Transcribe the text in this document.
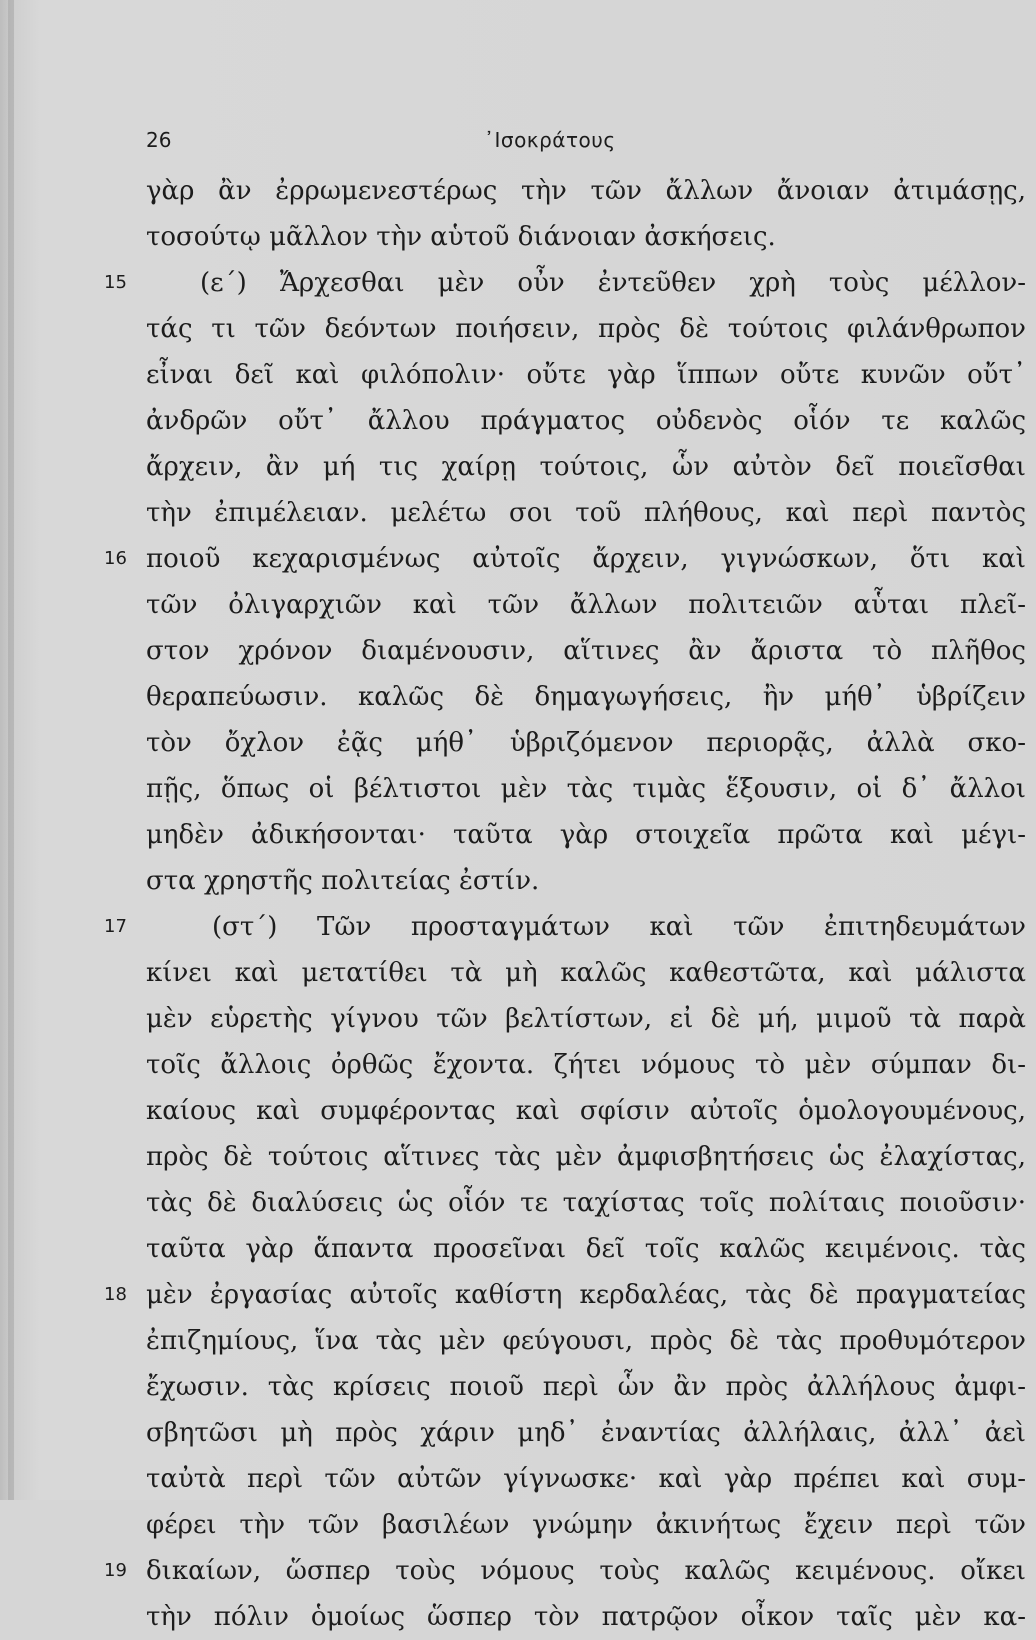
26	᾿Ισοκράτους
γὰρ ἂν ἐρρωμενεστέρως τὴν τῶν ἄλλων ἄνοιαν ἀτιμάσῃς,
τοσούτῳ μᾶλλον τὴν αὑτοῦ διάνοιαν ἀσκήσεις.
15	(ε΄) Ἄρχεσθαι μὲν οὖν ἐντεῦθεν χρὴ τοὺς μέλλον-
τάς τι τῶν δεόντων ποιήσειν, πρὸς δὲ τούτοις φιλάνθρωπον
εἶναι δεῖ καὶ φιλόπολιν· οὔτε γὰρ ἵππων οὔτε κυνῶν οὔτ᾿
ἀνδρῶν οὔτ᾿ ἄλλου πράγματος οὐδενὸς οἷόν τε καλῶς
ἄρχειν, ἂν μή τις χαίρῃ τούτοις, ὧν αὐτὸν δεῖ ποιεῖσθαι
τὴν ἐπιμέλειαν. μελέτω σοι τοῦ πλήθους, καὶ περὶ παντὸς
16 ποιοῦ κεχαρισμένως αὐτοῖς ἄρχειν, γιγνώσκων, ὅτι καὶ
τῶν ὀλιγαρχιῶν καὶ τῶν ἄλλων πολιτειῶν αὗται πλεῖ-
στον χρόνον διαμένουσιν, αἵτινες ἂν ἄριστα τὸ πλῆθος
θεραπεύωσιν. καλῶς δὲ δημαγωγήσεις, ἢν μήθ᾿ ὑβρίζειν
τὸν ὄχλον ἐᾷς μήθ᾿ ὑβριζόμενον περιορᾷς, ἀλλὰ σκο-
πῇς, ὅπως οἱ βέλτιστοι μὲν τὰς τιμὰς ἕξουσιν, οἱ δ᾿ ἄλλοι
μηδὲν ἀδικήσονται· ταῦτα γὰρ στοιχεῖα πρῶτα καὶ μέγι-
στα χρηστῆς πολιτείας ἐστίν.
17	(στ΄) Τῶν προσταγμάτων καὶ τῶν ἐπιτηδευμάτων
κίνει καὶ μετατίθει τὰ μὴ καλῶς καθεστῶτα, καὶ μάλιστα
μὲν εὑρετὴς γίγνου τῶν βελτίστων, εἰ δὲ μή, μιμοῦ τὰ παρὰ
τοῖς ἄλλοις ὀρθῶς ἔχοντα. ζήτει νόμους τὸ μὲν σύμπαν δι-
καίους καὶ συμφέροντας καὶ σφίσιν αὐτοῖς ὁμολογουμένους,
πρὸς δὲ τούτοις αἵτινες τὰς μὲν ἀμφισβητήσεις ὡς ἐλαχίστας,
τὰς δὲ διαλύσεις ὡς οἷόν τε ταχίστας τοῖς πολίταις ποιοῦσιν·
ταῦτα γὰρ ἅπαντα προσεῖναι δεῖ τοῖς καλῶς κειμένοις. τὰς
18 μὲν ἐργασίας αὐτοῖς καθίστη κερδαλέας, τὰς δὲ πραγματείας
ἐπιζημίους, ἵνα τὰς μὲν φεύγουσι, πρὸς δὲ τὰς προθυμότερον
ἔχωσιν. τὰς κρίσεις ποιοῦ περὶ ὧν ἂν πρὸς ἀλλήλους ἀμφι-
σβητῶσι μὴ πρὸς χάριν μηδ᾿ ἐναντίας ἀλλήλαις, ἀλλ᾿ ἀεὶ
ταὐτὰ περὶ τῶν αὐτῶν γίγνωσκε· καὶ γὰρ πρέπει καὶ συμ-
φέρει τὴν τῶν βασιλέων γνώμην ἀκινήτως ἔχειν περὶ τῶν
19 δικαίων, ὥσπερ τοὺς νόμους τοὺς καλῶς κειμένους. οἴκει
τὴν πόλιν ὁμοίως ὥσπερ τὸν πατρῷον οἶκον ταῖς μὲν κα-
